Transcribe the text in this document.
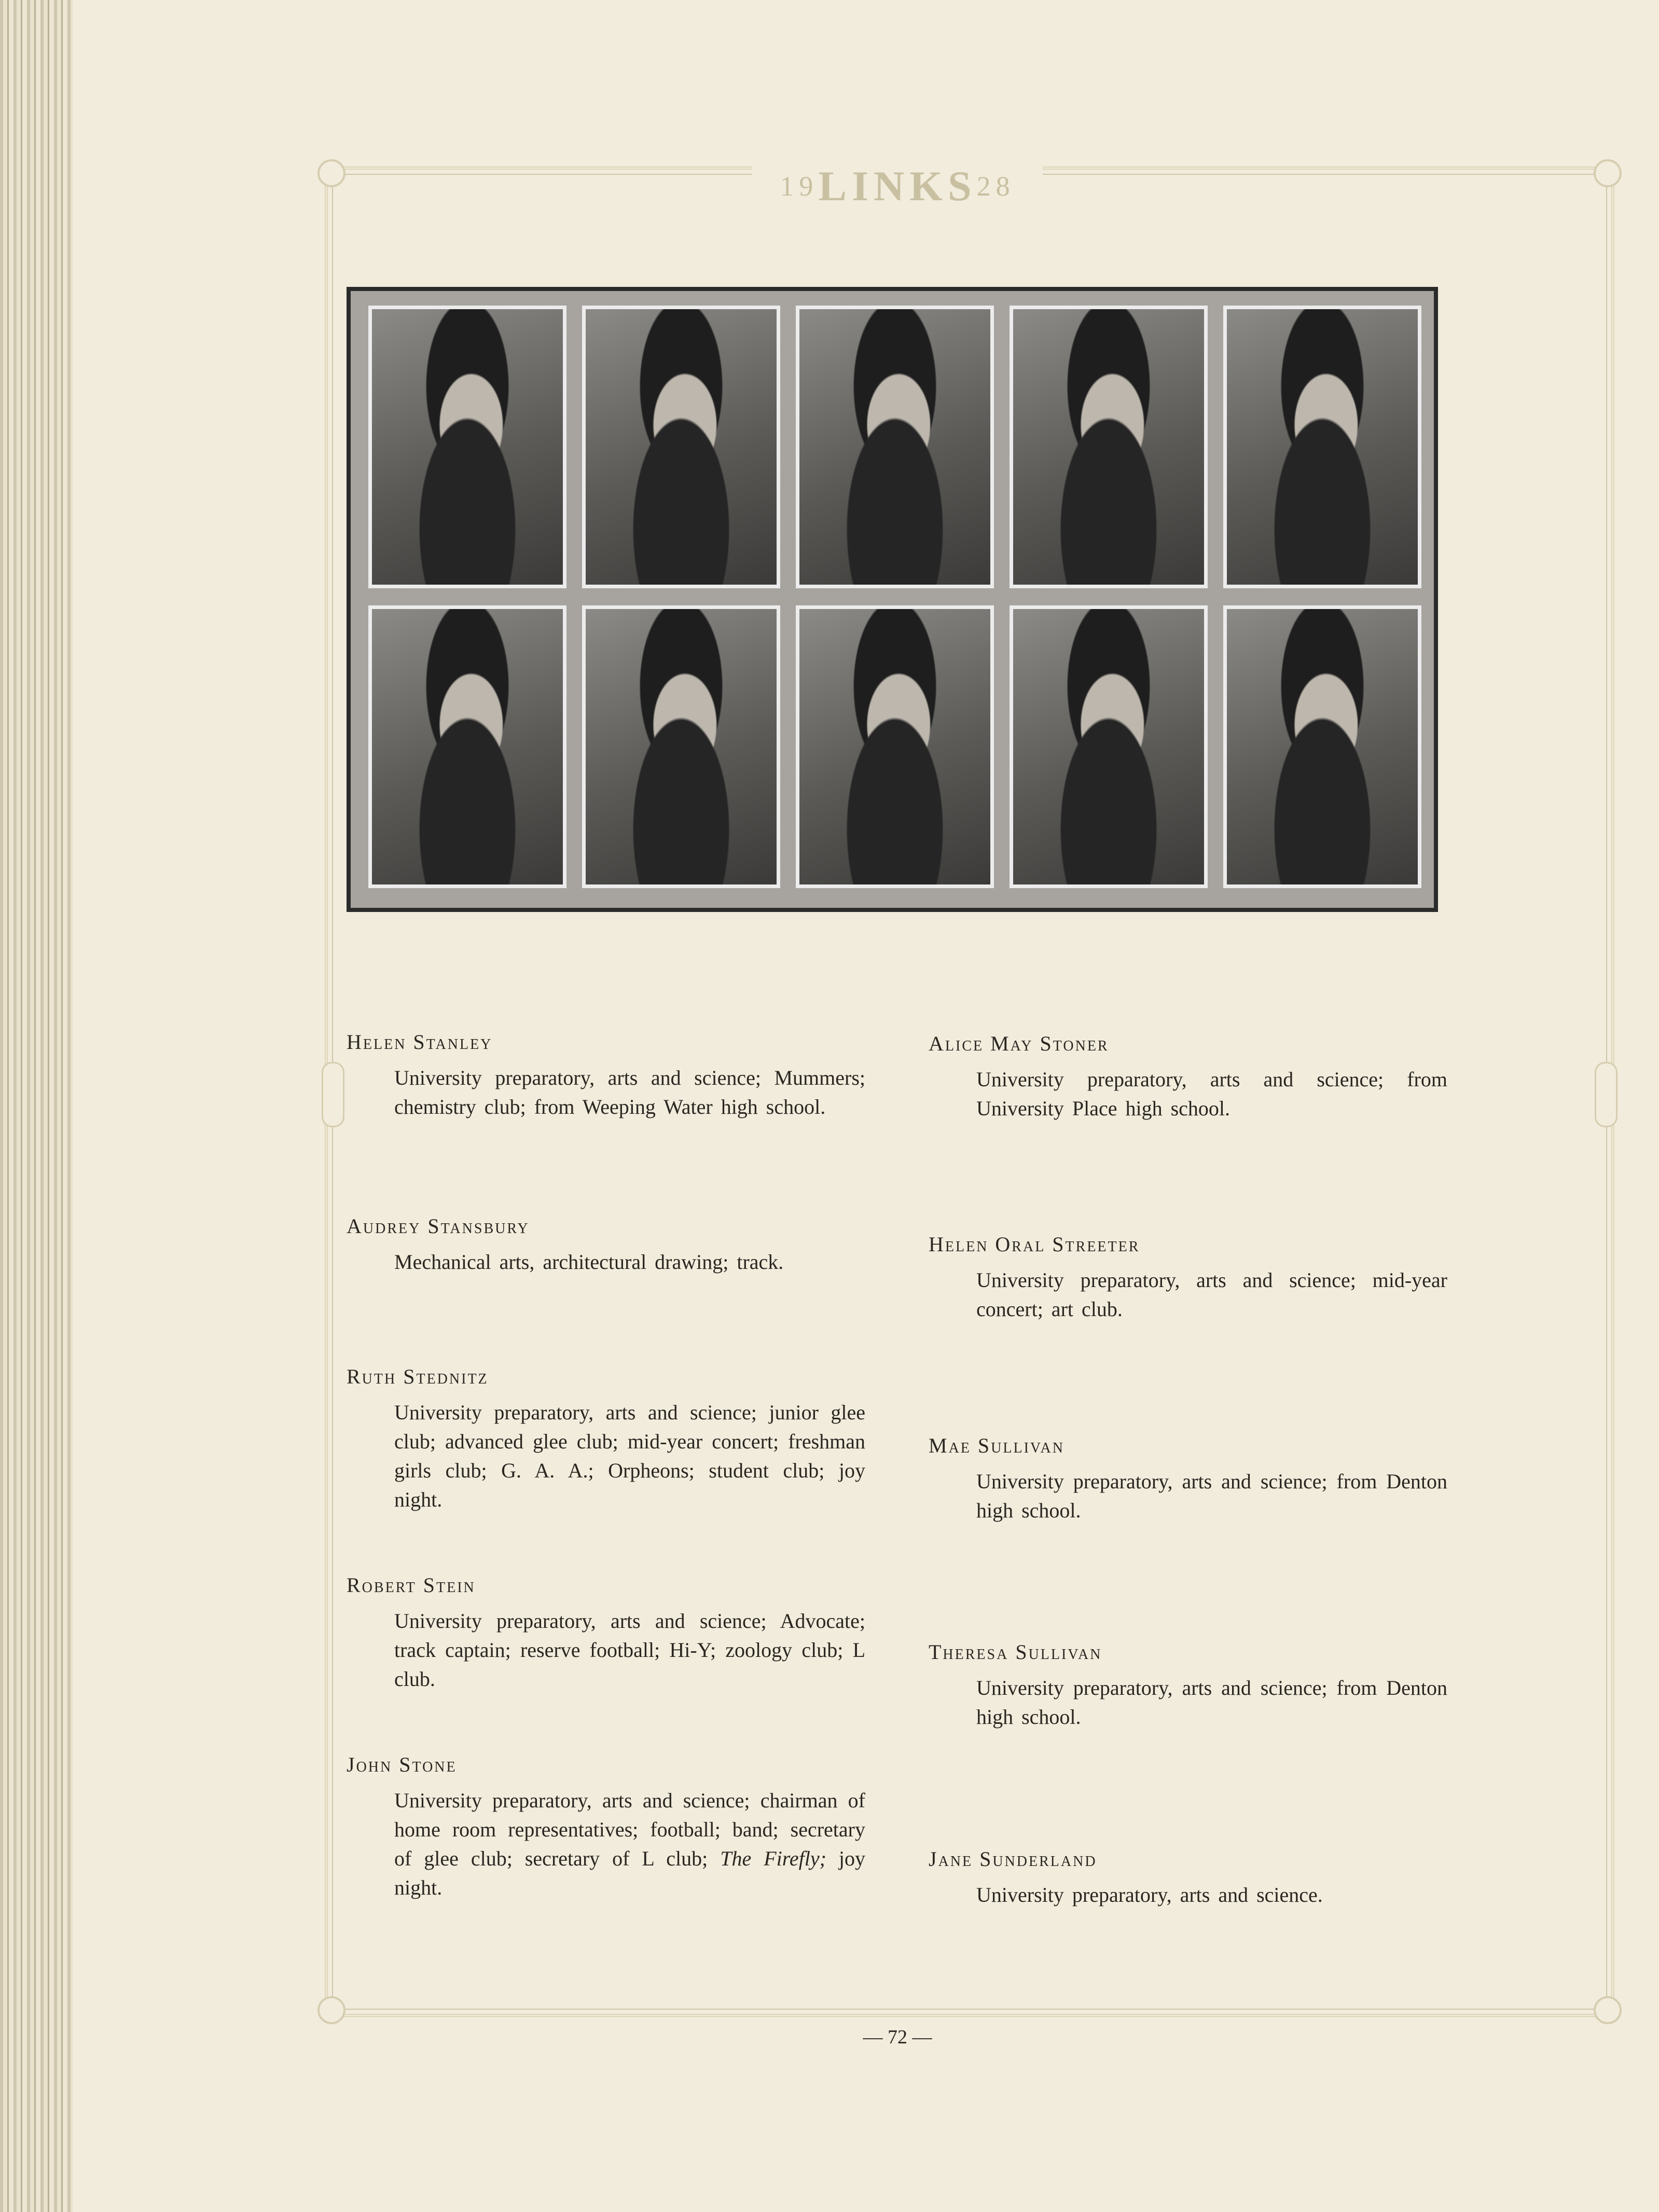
19LINKS28

Helen Stanley

University preparatory, arts and science; Mummers; chemistry club; from Weeping Water high school.

Audrey Stansbury

Mechanical arts, architectural drawing; track.

Ruth Stednitz

University preparatory, arts and science; junior glee club; advanced glee club; mid-year concert; freshman girls club; G. A. A.; Orpheons; student club; joy night.

Robert Stein

University preparatory, arts and science; Advocate; track captain; reserve football; Hi-Y; zoology club; L club.

John Stone

University preparatory, arts and science; chairman of home room representatives; football; band; secretary of glee club; secretary of L club; The Firefly; joy night.

Alice May Stoner

University preparatory, arts and science; from University Place high school.

Helen Oral Streeter

University preparatory, arts and science; mid-year concert; art club.

Mae Sullivan

University preparatory, arts and science; from Denton high school.

Theresa Sullivan

University preparatory, arts and science; from Denton high school.

Jane Sunderland

University preparatory, arts and science.

— 72 —
